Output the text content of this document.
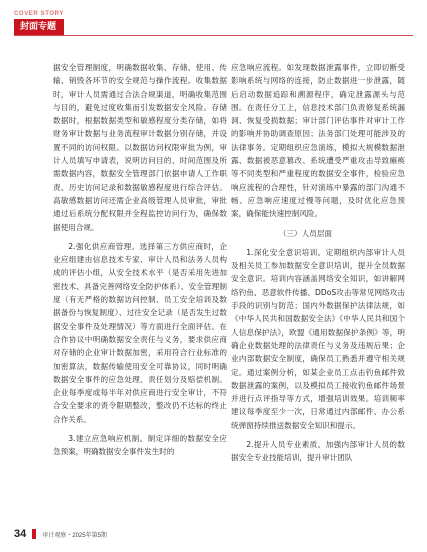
COVER STORY
封面专题

据安全管理制度，明确数据收集、存储、使用、传输、销毁各环节的安全规范与操作流程。收集数据时，审计人员需通过合法合规渠道，明确收集范围与目的，避免过度收集而引发数据安全风险。存储数据时，根据数据类型和敏感程度分类存储，如将财务审计数据与业务流程审计数据分别存储，并设置不同的访问权限。以数据访问权限审批为例，审计人员填写申请表，说明访问目的、时间范围及所需数据内容，数据安全管理部门依据申请人工作职责、历史访问记录和数据敏感程度进行综合评估。高敏感数据访问还需企业高级管理人员审批，审批通过后系统分配权限并全程监控访问行为，确保数据使用合规。

2.强化供应商管理。选择第三方供应商时，企业应组建由信息技术专家、审计人员和法务人员构成的评估小组，从安全技术水平（是否采用先进加密技术、具备完善网络安全防护体系）、安全管理制度（有无严格的数据访问控制、员工安全培训及数据备份与恢复制度）、过往安全记录（是否发生过数据安全事件及处理情况）等方面进行全面评估。在合作协议中明确数据安全责任与义务，要求供应商对存储的企业审计数据加密，采用符合行业标准的加密算法，数据传输使用安全可靠协议，同时明确数据安全事件的应急处理、责任划分及赔偿机制。企业每季度或每半年对供应商进行安全审计，不符合安全要求的责令限期整改，整改仍不达标的终止合作关系。

3.建立应急响应机制。制定详细的数据安全应急预案，明确数据安全事件发生时的

应急响应流程。如发现数据泄露事件，立即切断受影响系统与网络的连接，防止数据进一步泄露，随后启动数据追踪和溯源程序，确定泄露源头与范围。在责任分工上，信息技术部门负责修复系统漏洞、恢复受损数据；审计部门评估事件对审计工作的影响并协助调查原因；法务部门处理可能涉及的法律事务。定期组织应急演练，模拟大规模数据泄露、数据被恶意篡改、系统遭受严重攻击导致瘫痪等不同类型和严重程度的数据安全事件，检验应急响应流程的合理性，针对演练中暴露的部门沟通不畅、应急响应速度过慢等问题，及时优化应急预案，确保能快速控制风险。

（三）人员层面

1.深化安全意识培训。定期组织内部审计人员及相关员工参加数据安全意识培训，提升全员数据安全意识。培训内容涵盖网络安全知识，如讲解网络钓鱼、恶意软件传播、DDoS攻击等常见网络攻击手段的识别与防范；国内外数据保护法律法规，如《中华人民共和国数据安全法》《中华人民共和国个人信息保护法》，欧盟《通用数据保护条例》等，明确企业数据处理的法律责任与义务及违规后果；企业内部数据安全制度，确保员工熟悉并遵守相关规定。通过案例分析，如某企业员工点击钓鱼邮件致数据泄露的案例，以及模拟员工接收钓鱼邮件场景并进行点评指导等方式，增强培训效果。培训频率建议每季度至少一次，日常通过内部邮件、办公系统弹窗持续推送数据安全知识和提示。

2.提升人员专业素质。加强内部审计人员的数据安全专业技能培训，提升审计团队

34	审计观察・2025年第5期
